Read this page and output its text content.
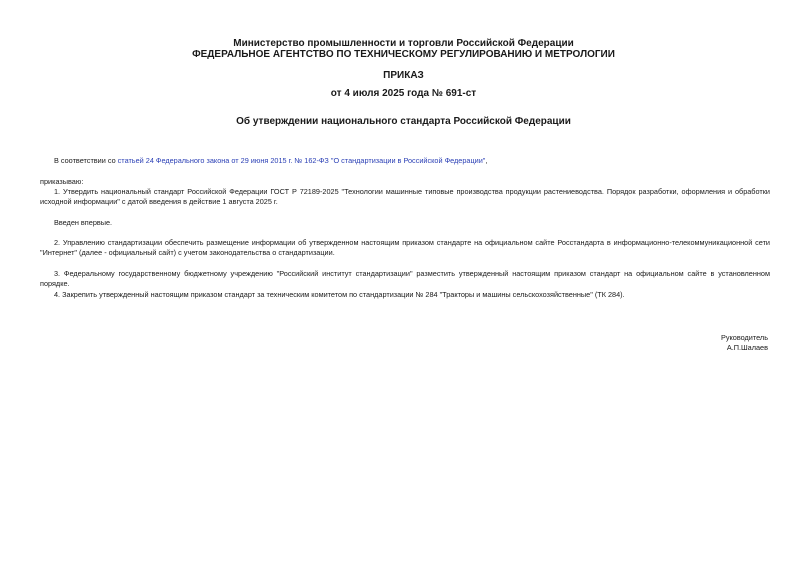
Министерство промышленности и торговли Российской Федерации
ФЕДЕРАЛЬНОЕ АГЕНТСТВО ПО ТЕХНИЧЕСКОМУ РЕГУЛИРОВАНИЮ И МЕТРОЛОГИИ
ПРИКАЗ
от 4 июля 2025 года № 691-ст
Об утверждении национального стандарта Российской Федерации
В соответствии со статьей 24 Федерального закона от 29 июня 2015 г. № 162-ФЗ "О стандартизации в Российской Федерации",
приказываю:
1. Утвердить национальный стандарт Российской Федерации ГОСТ Р 72189-2025 "Технологии машинные типовые производства продукции растениеводства. Порядок разработки, оформления и обработки исходной информации" с датой введения в действие 1 августа 2025 г.
Введен впервые.
2. Управлению стандартизации обеспечить размещение информации об утвержденном настоящим приказом стандарте на официальном сайте Росстандарта в информационно-телекоммуникационной сети "Интернет" (далее - официальный сайт) с учетом законодательства о стандартизации.
3. Федеральному государственному бюджетному учреждению "Российский институт стандартизации" разместить утвержденный настоящим приказом стандарт на официальном сайте в установленном порядке.
4. Закрепить утвержденный настоящим приказом стандарт за техническим комитетом по стандартизации № 284 "Тракторы и машины сельскохозяйственные" (ТК 284).
Руководитель
А.П.Шалаев
